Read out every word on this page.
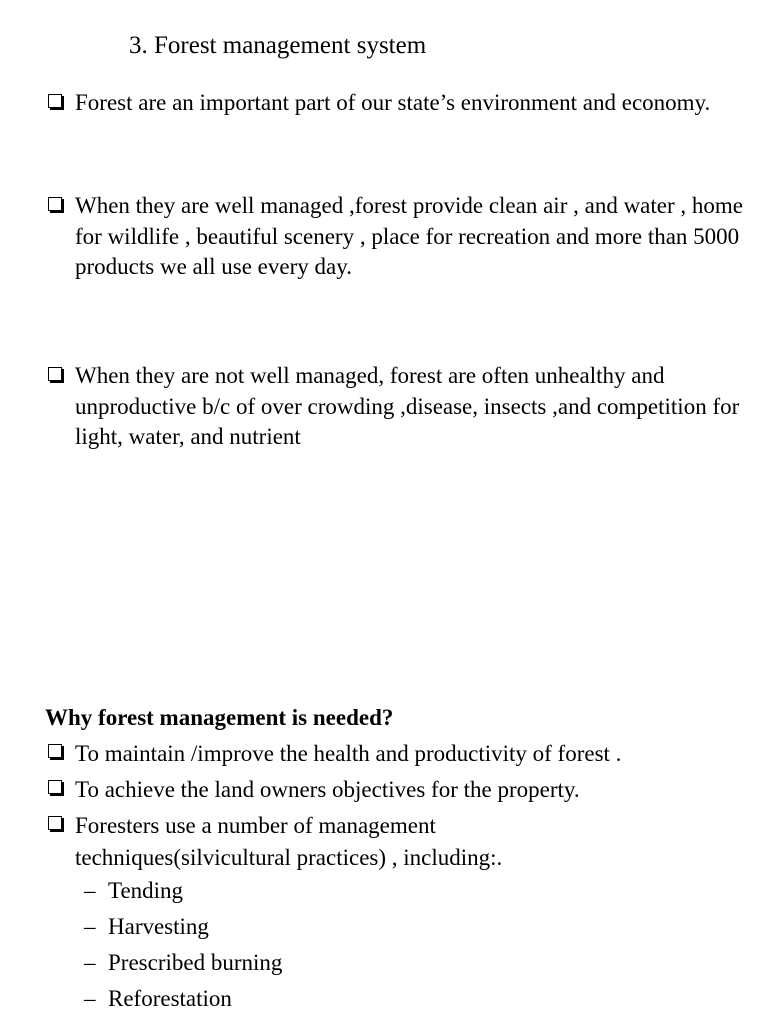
3. Forest management system
Forest are an important part of our state’s environment and economy.
When they are well managed ,forest provide clean air , and water , home for wildlife , beautiful scenery , place for recreation and more than 5000 products we all use every day.
When they are not well managed, forest are often unhealthy and unproductive b/c of over crowding ,disease, insects ,and competition for light, water, and nutrient
Why forest management is needed?
To maintain /improve the health and productivity of forest .
To achieve the land owners objectives for the property.
Foresters use a number of management techniques(silvicultural practices) , including:.
– Tending
– Harvesting
– Prescribed burning
– Reforestation
